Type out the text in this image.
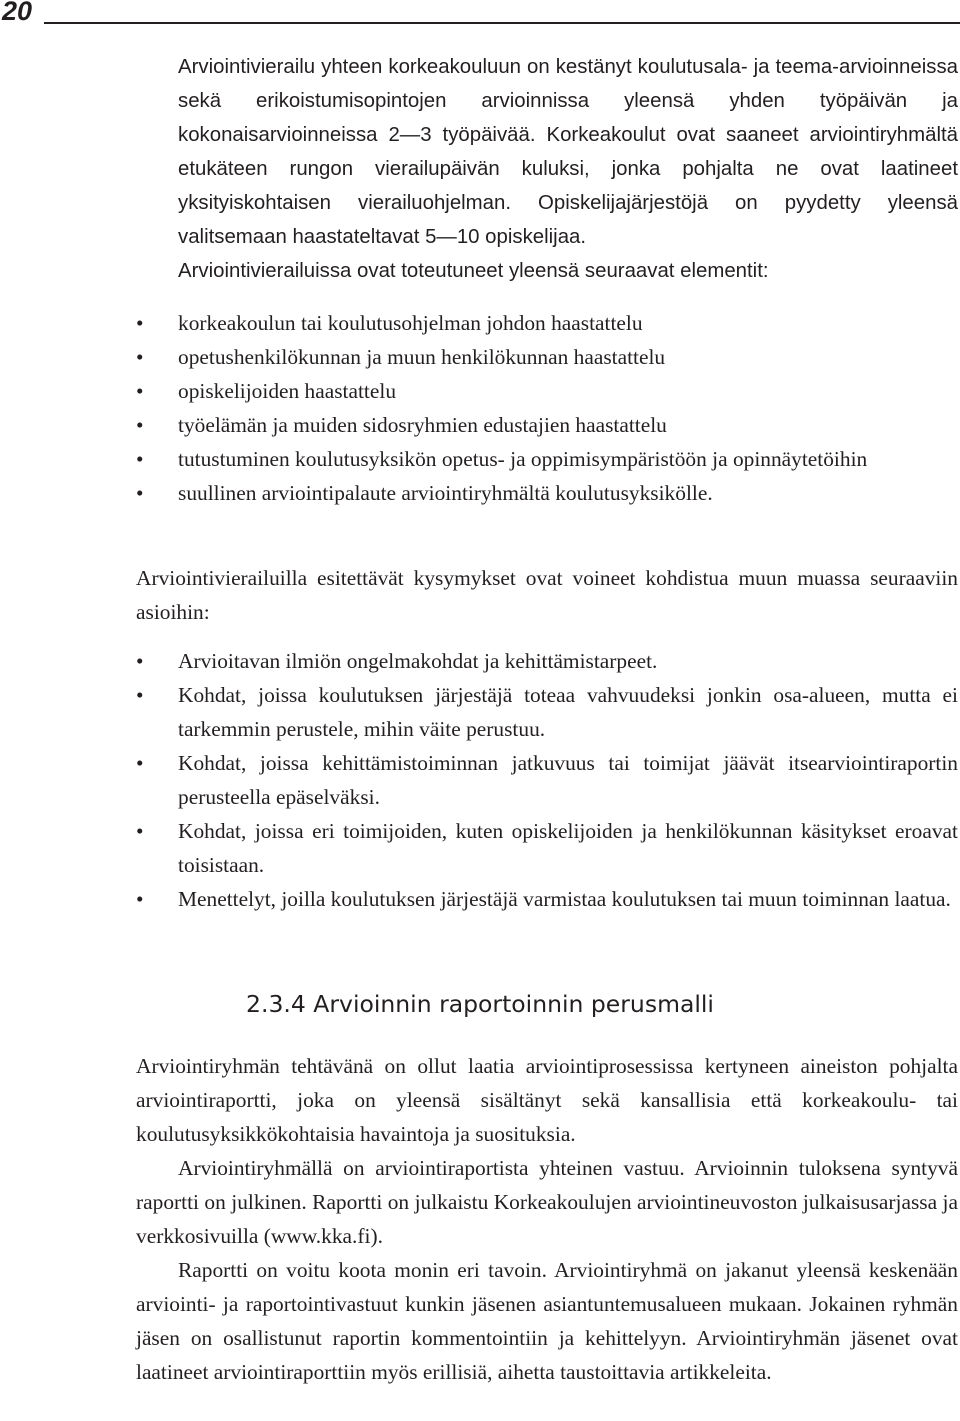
20

Arviointivierailu yhteen korkeakouluun on kestänyt koulutusala- ja teema-arvioinneissa sekä erikoistumisopintojen arvioinnissa yleensä yhden työpäivän ja kokonaisarvioinneissa 2—3 työpäivää. Korkeakoulut ovat saaneet arviointiryhmältä etukäteen rungon vierailupäivän kuluksi, jonka pohjalta ne ovat laatineet yksityiskohtaisen vierailuohjelman. Opiskelijajärjestöjä on pyydetty yleensä valitsemaan haastateltavat 5—10 opiskelijaa.

Arviointivierailuissa ovat toteutuneet yleensä seuraavat elementit:

• korkeakoulun tai koulutusohjelman johdon haastattelu
• opetushenkilökunnan ja muun henkilökunnan haastattelu
• opiskelijoiden haastattelu
• työelämän ja muiden sidosryhmien edustajien haastattelu
• tutustuminen koulutusyksikön opetus- ja oppimisympäristöön ja opinnäytetöihin
• suullinen arviointipalaute arviointiryhmältä koulutusyksikölle.

Arviointivierailuilla esitettävät kysymykset ovat voineet kohdistua muun muassa seuraaviin asioihin:

• Arvioitavan ilmiön ongelmakohdat ja kehittämistarpeet.
• Kohdat, joissa koulutuksen järjestäjä toteaa vahvuudeksi jonkin osa-alueen, mutta ei tarkemmin perustele, mihin väite perustuu.
• Kohdat, joissa kehittämistoiminnan jatkuvuus tai toimijat jäävät itsearviointiraportin perusteella epäselväksi.
• Kohdat, joissa eri toimijoiden, kuten opiskelijoiden ja henkilökunnan käsitykset eroavat toisistaan.
• Menettelyt, joilla koulutuksen järjestäjä varmistaa koulutuksen tai muun toiminnan laatua.
2.3.4 Arvioinnin raportoinnin perusmalli

Arviointiryhmän tehtävänä on ollut laatia arviointiprosessissa kertyneen aineiston pohjalta arviointiraportti, joka on yleensä sisältänyt sekä kansallisia että korkeakoulu- tai koulutusyksikkökohtaisia havaintoja ja suosituksia.

Arviointiryhmällä on arviointiraportista yhteinen vastuu. Arvioinnin tuloksena syntyvä raportti on julkinen. Raportti on julkaistu Korkeakoulujen arviointineuvoston julkaisusarjassa ja verkkosivuilla (www.kka.fi).

Raportti on voitu koota monin eri tavoin. Arviointiryhmä on jakanut yleensä keskenään arviointi- ja raportointivastuut kunkin jäsenen asiantuntemusalueen mukaan. Jokainen ryhmän jäsen on osallistunut raportin kommentointiin ja kehittelyyn. Arviointiryhmän jäsenet ovat laatineet arviointiraporttiin myös erillisiä, aihetta taustoittavia artikkeleita.
